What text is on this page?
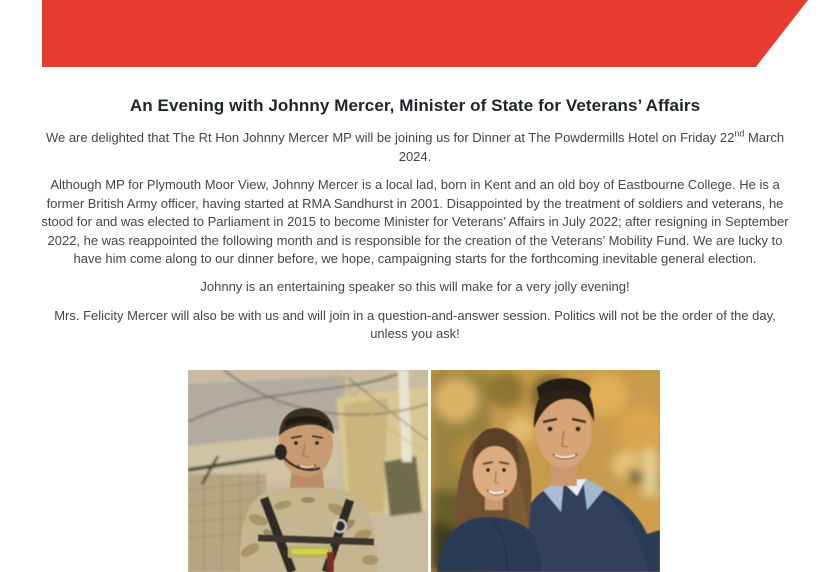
An Evening with Johnny Mercer, Minister of State for Veterans’ Affairs

We are delighted that The Rt Hon Johnny Mercer MP will be joining us for Dinner at The Powdermills Hotel on Friday 22nd March 2024.

Although MP for Plymouth Moor View, Johnny Mercer is a local lad, born in Kent and an old boy of Eastbourne College. He is a former British Army officer, having started at RMA Sandhurst in 2001. Disappointed by the treatment of soldiers and veterans, he stood for and was elected to Parliament in 2015 to become Minister for Veterans’ Affairs in July 2022; after resigning in September 2022, he was reappointed the following month and is responsible for the creation of the Veterans’ Mobility Fund. We are lucky to have him come along to our dinner before, we hope, campaigning starts for the forthcoming inevitable general election.

Johnny is an entertaining speaker so this will make for a very jolly evening!

Mrs. Felicity Mercer will also be with us and will join in a question-and-answer session. Politics will not be the order of the day, unless you ask!
